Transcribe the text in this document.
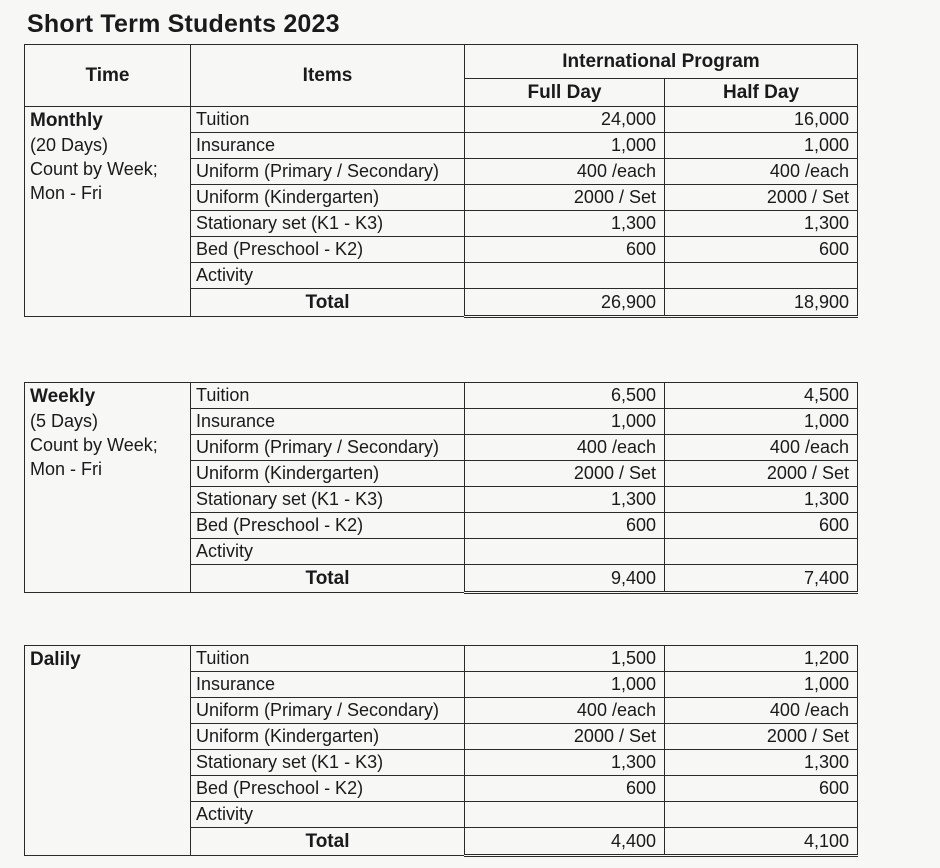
Short Term Students 2023
Time	Items	International Program	
		Full Day	Half Day

Monthly
(20 Days)
Count by Week;
Mon - Fri	Tuition	24,000	16,000
	Insurance	1,000	1,000
	Uniform (Primary / Secondary)	400 /each	400 /each
	Uniform (Kindergarten)	2000 / Set	2000 / Set
	Stationary set (K1 - K3)	1,300	1,300
	Bed (Preschool - K2)	600	600
	Activity		
	Total	26,900	18,900
Weekly
(5 Days)
Count by Week;
Mon - Fri	Tuition	6,500	4,500
	Insurance	1,000	1,000
	Uniform (Primary / Secondary)	400 /each	400 /each
	Uniform (Kindergarten)	2000 / Set	2000 / Set
	Stationary set (K1 - K3)	1,300	1,300
	Bed (Preschool - K2)	600	600
	Activity		
	Total	9,400	7,400
Dalily	Tuition	1,500	1,200
	Insurance	1,000	1,000
	Uniform (Primary / Secondary)	400 /each	400 /each
	Uniform (Kindergarten)	2000 / Set	2000 / Set
	Stationary set (K1 - K3)	1,300	1,300
	Bed (Preschool - K2)	600	600
	Activity		
	Total	4,400	4,100
